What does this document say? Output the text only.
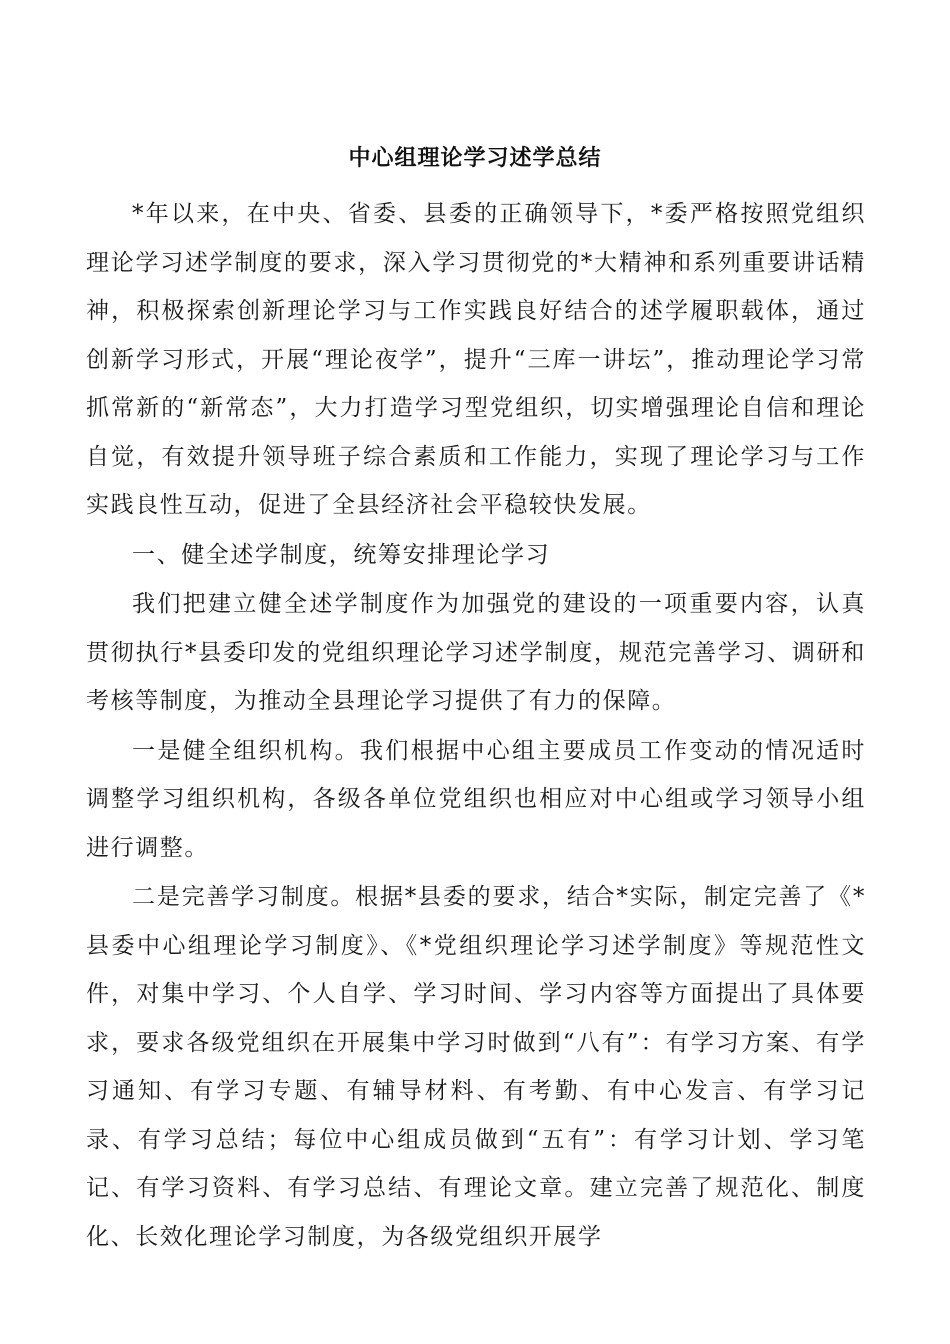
中心组理论学习述学总结

*年以来，在中央、省委、县委的正确领导下，*委严格按照党组织理论学习述学制度的要求，深入学习贯彻党的*大精神和系列重要讲话精神，积极探索创新理论学习与工作实践良好结合的述学履职载体，通过创新学习形式，开展“理论夜学”，提升“三库一讲坛”，推动理论学习常抓常新的“新常态”，大力打造学习型党组织，切实增强理论自信和理论自觉，有效提升领导班子综合素质和工作能力，实现了理论学习与工作实践良性互动，促进了全县经济社会平稳较快发展。

一、健全述学制度，统筹安排理论学习

我们把建立健全述学制度作为加强党的建设的一项重要内容，认真贯彻执行*县委印发的党组织理论学习述学制度，规范完善学习、调研和考核等制度，为推动全县理论学习提供了有力的保障。

一是健全组织机构。我们根据中心组主要成员工作变动的情况适时调整学习组织机构，各级各单位党组织也相应对中心组或学习领导小组进行调整。

二是完善学习制度。根据*县委的要求，结合*实际，制定完善了《*县委中心组理论学习制度》、《*党组织理论学习述学制度》等规范性文件，对集中学习、个人自学、学习时间、学习内容等方面提出了具体要求，要求各级党组织在开展集中学习时做到“八有”：有学习方案、有学习通知、有学习专题、有辅导材料、有考勤、有中心发言、有学习记录、有学习总结；每位中心组成员做到“五有”：有学习计划、学习笔记、有学习资料、有学习总结、有理论文章。建立完善了规范化、制度化、长效化理论学习制度，为各级党组织开展学
